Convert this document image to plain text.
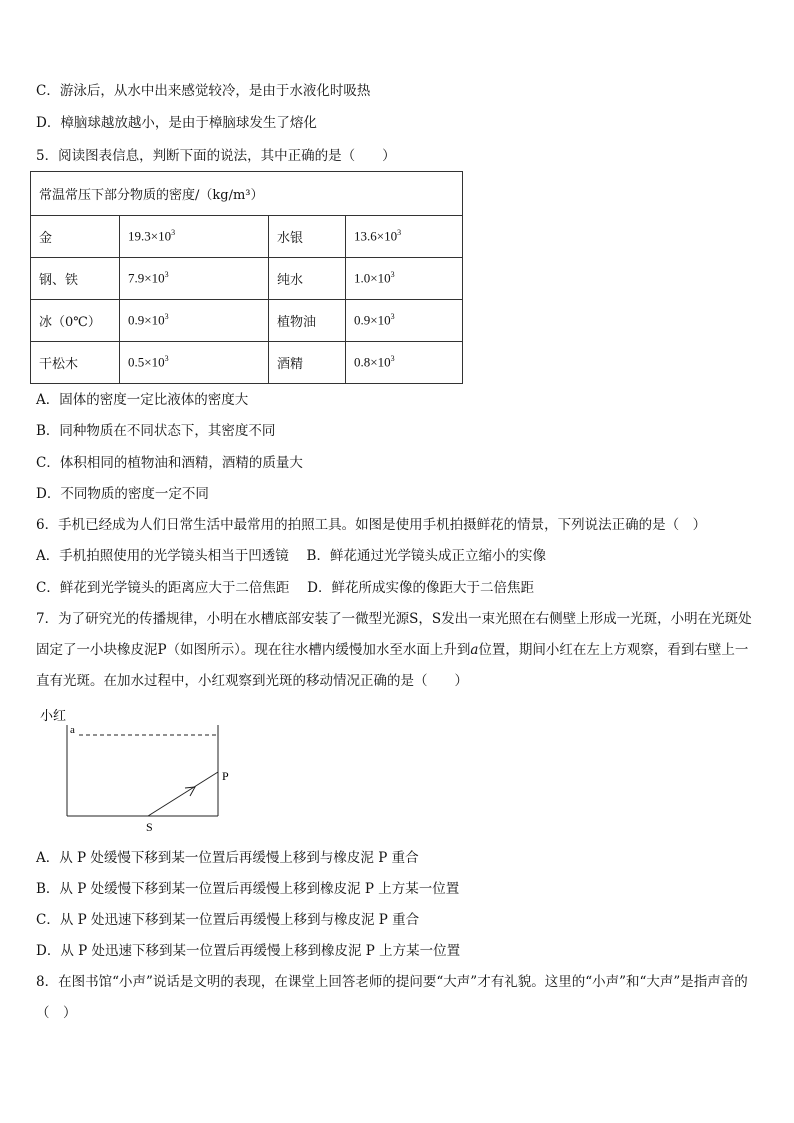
C．游泳后，从水中出来感觉较冷，是由于水液化时吸热
D．樟脑球越放越小，是由于樟脑球发生了熔化
5．阅读图表信息，判断下面的说法，其中正确的是（　　）
常温常压下部分物质的密度/（kg/m³）			
金	$19.3\times 10^3$	水银	$13.6\times 10^3$
钢、铁	$7.9\times 10^3$	纯水	$1.0\times 10^3$
冰（0℃）	$0.9\times 10^3$	植物油	$0.9\times 10^3$
干松木	$0.5\times 10^3$	酒精	$0.8\times 10^3$
A．固体的密度一定比液体的密度大
B．同种物质在不同状态下，其密度不同
C．体积相同的植物油和酒精，酒精的质量大
D．不同物质的密度一定不同
6．手机已经成为人们日常生活中最常用的拍照工具。如图是使用手机拍摄鲜花的情景，下列说法正确的是（　）
A．手机拍照使用的光学镜头相当于凹透镜　 B．鲜花通过光学镜头成正立缩小的实像
C．鲜花到光学镜头的距离应大于二倍焦距　 D．鲜花所成实像的像距大于二倍焦距
7．为了研究光的传播规律，小明在水槽底部安装了一微型光源S，S发出一束光照在右侧壁上形成一光斑，小明在光斑处固定了一小块橡皮泥P（如图所示）。现在往水槽内缓慢加水至水面上升到a位置，期间小红在左上方观察，看到右壁上一直有光斑。在加水过程中，小红观察到光斑的移动情况正确的是（　　）
小红
a
P
S
A．从 P 处缓慢下移到某一位置后再缓慢上移到与橡皮泥 P 重合
B．从 P 处缓慢下移到某一位置后再缓慢上移到橡皮泥 P 上方某一位置
C．从 P 处迅速下移到某一位置后再缓慢上移到与橡皮泥 P 重合
D．从 P 处迅速下移到某一位置后再缓慢上移到橡皮泥 P 上方某一位置
8．在图书馆“小声”说话是文明的表现，在课堂上回答老师的提问要“大声”才有礼貌。这里的“小声”和“大声”是指声音的（　）
